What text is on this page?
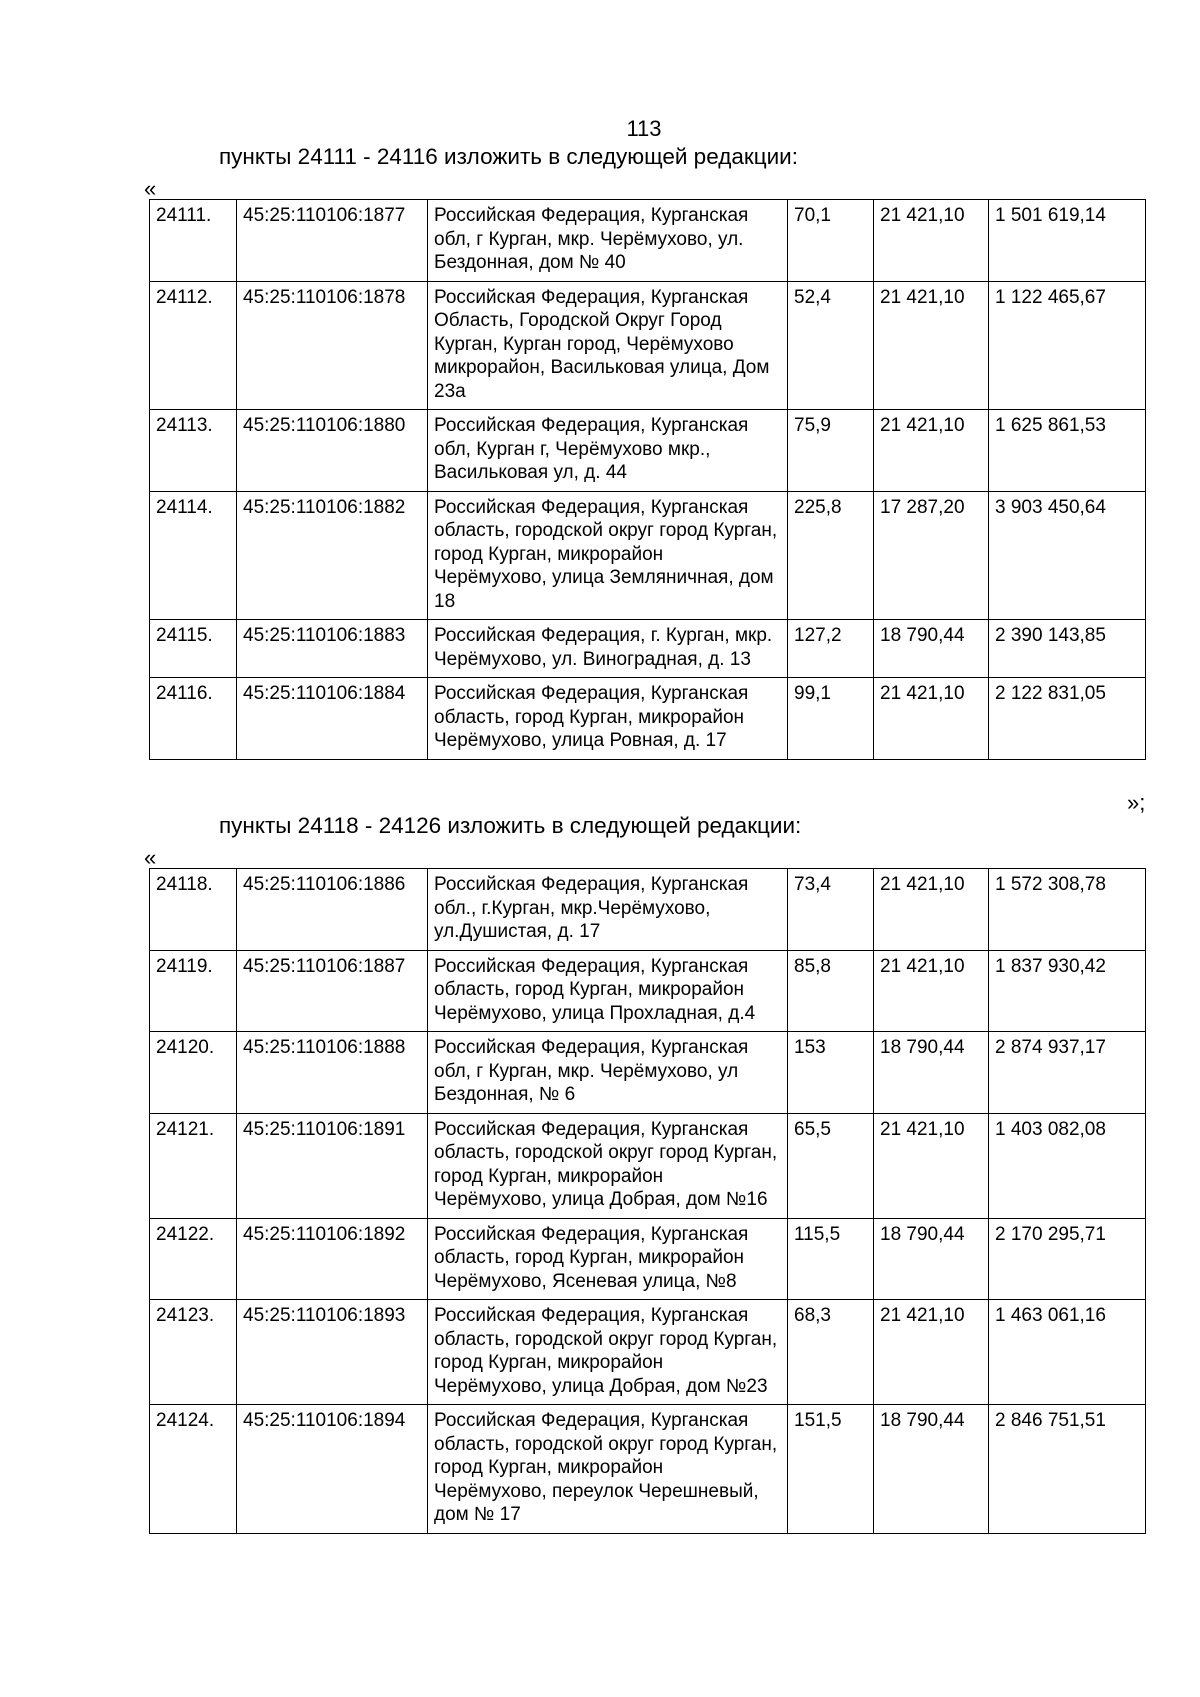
113
пункты 24111 - 24116 изложить в следующей редакции:
«
24111.	45:25:110106:1877	Российская Федерация, Курганская обл, г Курган, мкр. Черёмухово, ул. Бездонная, дом № 40	70,1	21 421,10	1 501 619,14
24112.	45:25:110106:1878	Российская Федерация, Курганская Область, Городской Округ Город Курган, Курган город, Черёмухово микрорайон, Васильковая улица, Дом 23а	52,4	21 421,10	1 122 465,67
24113.	45:25:110106:1880	Российская Федерация, Курганская обл, Курган г, Черёмухово мкр., Васильковая ул, д. 44	75,9	21 421,10	1 625 861,53
24114.	45:25:110106:1882	Российская Федерация, Курганская область, городской округ город Курган, город Курган, микрорайон Черёмухово, улица Земляничная, дом 18	225,8	17 287,20	3 903 450,64
24115.	45:25:110106:1883	Российская Федерация, г. Курган, мкр. Черёмухово, ул. Виноградная, д. 13	127,2	18 790,44	2 390 143,85
24116.	45:25:110106:1884	Российская Федерация, Курганская область, город Курган, микрорайон Черёмухово, улица Ровная, д. 17	99,1	21 421,10	2 122 831,05
»;
пункты 24118 - 24126 изложить в следующей редакции:
«
24118.	45:25:110106:1886	Российская Федерация, Курганская обл., г.Курган, мкр.Черёмухово, ул.Душистая, д. 17	73,4	21 421,10	1 572 308,78
24119.	45:25:110106:1887	Российская Федерация, Курганская область, город Курган, микрорайон Черёмухово, улица Прохладная, д.4	85,8	21 421,10	1 837 930,42
24120.	45:25:110106:1888	Российская Федерация, Курганская обл, г Курган, мкр. Черёмухово, ул Бездонная, № 6	153	18 790,44	2 874 937,17
24121.	45:25:110106:1891	Российская Федерация, Курганская область, городской округ город Курган, город Курган, микрорайон Черёмухово, улица Добрая, дом №16	65,5	21 421,10	1 403 082,08
24122.	45:25:110106:1892	Российская Федерация, Курганская область, город Курган, микрорайон Черёмухово, Ясеневая улица, №8	115,5	18 790,44	2 170 295,71
24123.	45:25:110106:1893	Российская Федерация, Курганская область, городской округ город Курган, город Курган, микрорайон Черёмухово, улица Добрая, дом №23	68,3	21 421,10	1 463 061,16
24124.	45:25:110106:1894	Российская Федерация, Курганская область, городской округ город Курган, город Курган, микрорайон Черёмухово, переулок Черешневый, дом № 17	151,5	18 790,44	2 846 751,51
